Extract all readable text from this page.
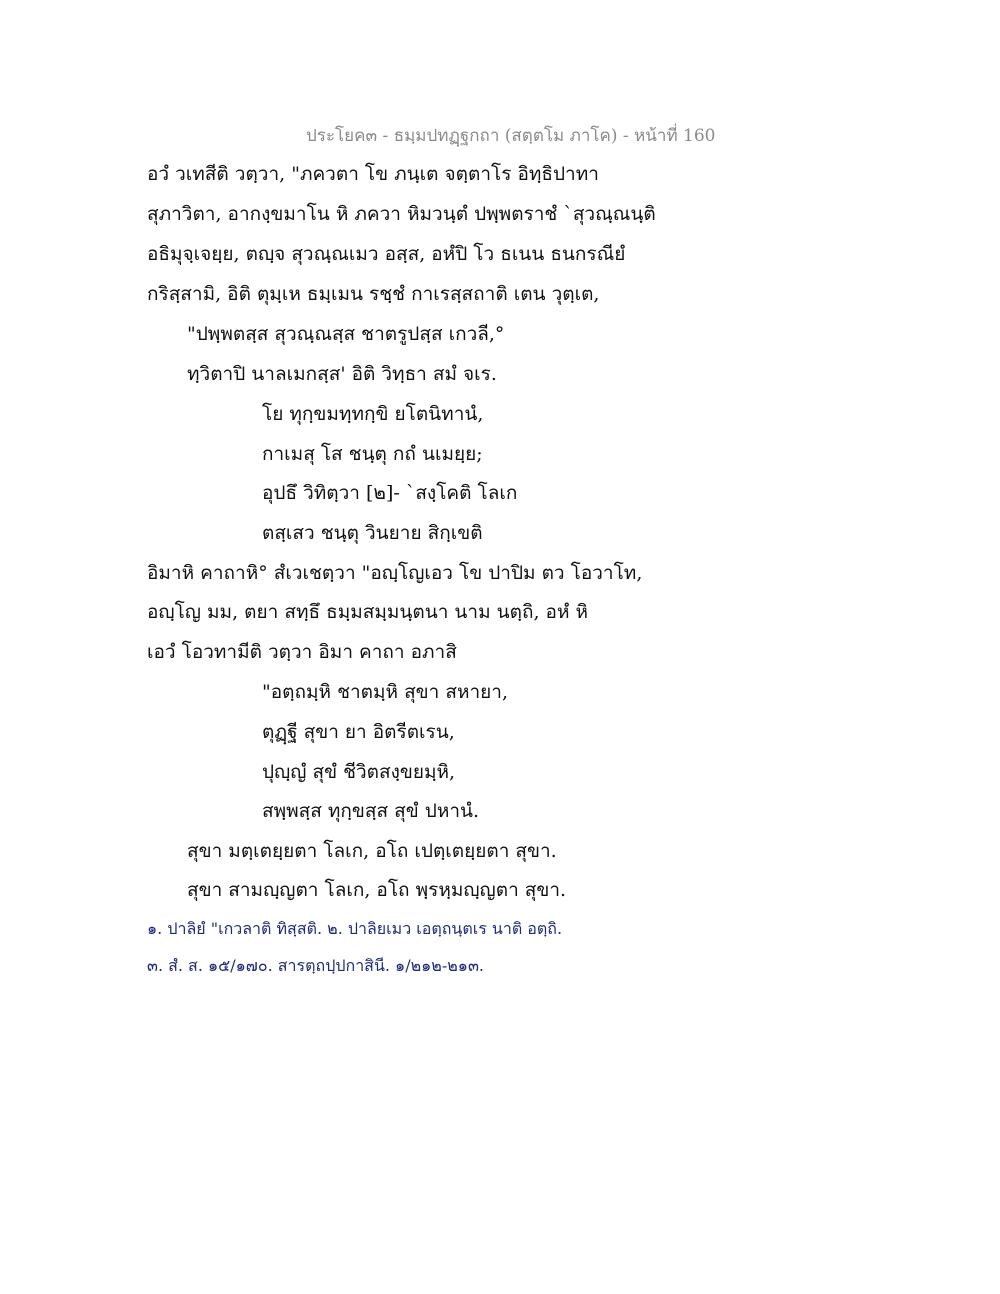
ประโยค๓ - ธมฺมปทฏฺฐกถา (สตฺตโม ภาโค) - หน้าที่ 160
อวํ วเทสีติ วตฺวา, "ภควตา โข ภนฺเต จตฺตาโร อิทฺธิปาทา
สุภาวิตา, อากงฺขมาโน หิ ภควา หิมวนฺตํ ปพฺพตราชํ `สุวณฺณนฺติ
อธิมุจฺเจยฺย, ตญฺจ สุวณฺณเมว อสฺส, อหํปิ โว ธเนน ธนกรณียํ
กริสฺสามิ, อิติ ตุมฺเห ธมฺเมน รชฺชํ กาเรสฺสถาติ เตน วุตฺเต,
"ปพฺพตสฺส สุวณฺณสฺส ชาตรูปสฺส เกวลี,°
ทฺวิตาปิ นาลเมกสฺส' อิติ วิทฺธา สมํ จเร.
โย ทุกฺขมทฺทกฺขิ ยโตนิทานํ,
กาเมสุ โส ชนฺตุ กถํ นเมยฺย;
อุปธึ วิทิตฺวา [๒]- `สงฺโคติ โลเก
ตสฺเสว ชนฺตุ วินยาย สิกฺเขติ
อิมาหิ คาถาหิ° สํเวเชตฺวา "อญฺโญเอว โข ปาปิม ตว โอวาโท,
อญฺโญ มม, ตยา สทฺธึ ธมฺมสมฺมนฺตนา นาม นตฺถิ, อหํ หิ
เอวํ โอวทามีติ วตฺวา อิมา คาถา อภาสิ
"อตฺถมฺหิ ชาตมฺหิ สุขา สหายา,
ตุฏฺฐี สุขา ยา อิตรีตเรน,
ปุญฺญํ สุขํ ชีวิตสงฺขยมฺหิ,
สพฺพสฺส ทุกฺขสฺส สุขํ ปหานํ.
สุขา มตฺเตยฺยตา โลเก, อโถ เปตฺเตยฺยตา สุขา.
สุขา สามญฺญตา โลเก, อโถ พฺรหฺมญฺญตา สุขา.
๑. ปาลิยํ "เกวลาติ ทิสฺสติ. ๒. ปาลิยเมว เอตฺถนฺตเร นาติ อตฺถิ.
๓. สํ. ส. ๑๕/๑๗๐. สารตฺถปฺปกาสินี. ๑/๒๑๒-๒๑๓.
